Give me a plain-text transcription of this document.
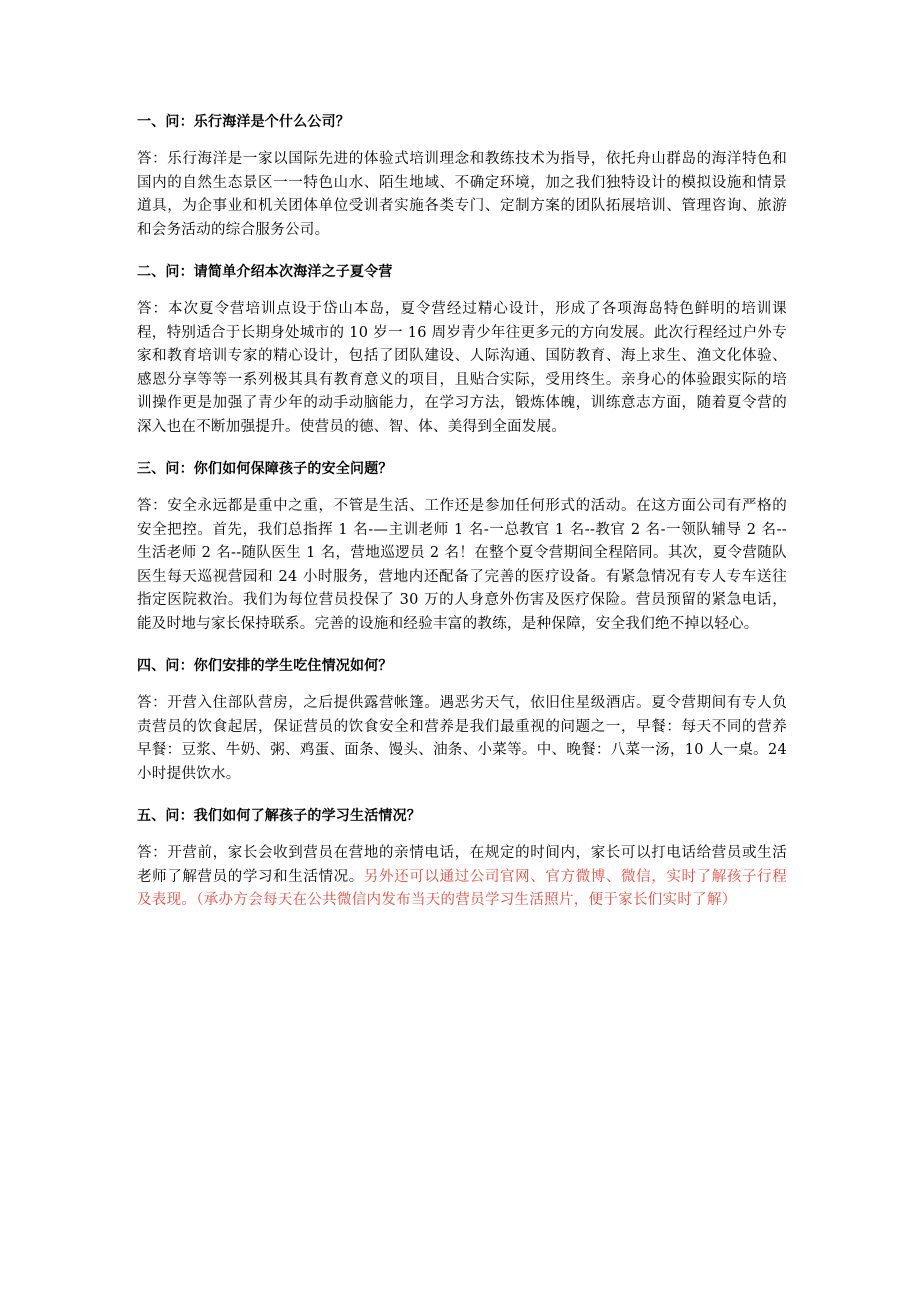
一、问：乐行海洋是个什么公司？

答：乐行海洋是一家以国际先进的体验式培训理念和教练技术为指导，依托舟山群岛的海洋特色和国内的自然生态景区一一特色山水、陌生地域、不确定环境，加之我们独特设计的模拟设施和情景道具，为企事业和机关团体单位受训者实施各类专门、定制方案的团队拓展培训、管理咨询、旅游和会务活动的综合服务公司。

二、问：请简单介绍本次海洋之子夏令营

答：本次夏令营培训点设于岱山本岛，夏令营经过精心设计，形成了各项海岛特色鲜明的培训课程，特别适合于长期身处城市的 10 岁一 16 周岁青少年往更多元的方向发展。此次行程经过户外专家和教育培训专家的精心设计，包括了团队建设、人际沟通、国防教育、海上求生、渔文化体验、感恩分享等等一系列极其具有教育意义的项目，且贴合实际，受用终生。亲身心的体验跟实际的培训操作更是加强了青少年的动手动脑能力，在学习方法，锻炼体魄，训练意志方面，随着夏令营的深入也在不断加强提升。使营员的德、智、体、美得到全面发展。

三、问：你们如何保障孩子的安全问题？

答：安全永远都是重中之重，不管是生活、工作还是参加任何形式的活动。在这方面公司有严格的安全把控。首先，我们总指挥 1 名-—主训老师 1 名-一总教官 1 名--教官 2 名-一领队辅导 2 名--生活老师 2 名--随队医生 1 名，营地巡逻员 2 名！在整个夏令营期间全程陪同。其次，夏令营随队医生每天巡视营园和 24 小时服务，营地内还配备了完善的医疗设备。有紧急情况有专人专车送往指定医院救治。我们为每位营员投保了 30 万的人身意外伤害及医疗保险。营员预留的紧急电话，能及时地与家长保持联系。完善的设施和经验丰富的教练，是种保障，安全我们绝不掉以轻心。

四、问：你们安排的学生吃住情况如何？

答：开营入住部队营房，之后提供露营帐篷。遇恶劣天气，依旧住星级酒店。夏令营期间有专人负责营员的饮食起居，保证营员的饮食安全和营养是我们最重视的问题之一，早餐：每天不同的营养早餐：豆浆、牛奶、粥、鸡蛋、面条、馒头、油条、小菜等。中、晚餐：八菜一汤，10 人一桌。24 小时提供饮水。

五、问：我们如何了解孩子的学习生活情况？

答：开营前，家长会收到营员在营地的亲情电话，在规定的时间内，家长可以打电话给营员或生活老师了解营员的学习和生活情况。另外还可以通过公司官网、官方微博、微信，实时了解孩子行程及表现。（承办方会每天在公共微信内发布当天的营员学习生活照片，便于家长们实时了解）
